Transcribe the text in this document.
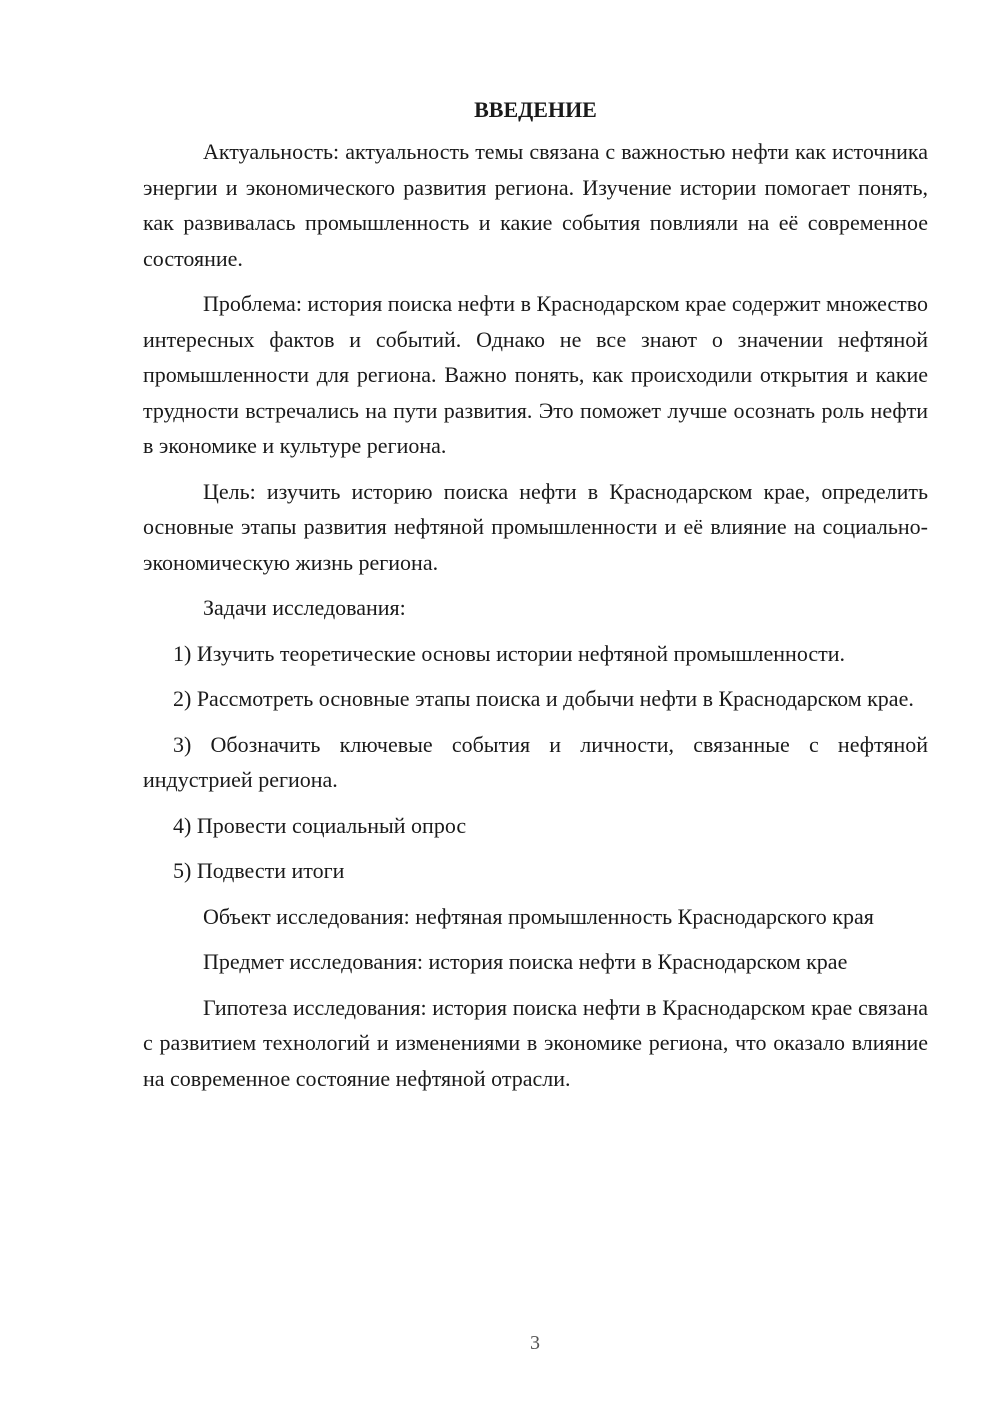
ВВЕДЕНИЕ

Актуальность: актуальность темы связана с важностью нефти как источника энергии и экономического развития региона. Изучение истории помогает понять, как развивалась промышленность и какие события повлияли на её современное состояние.

Проблема: история поиска нефти в Краснодарском крае содержит множество интересных фактов и событий. Однако не все знают о значении нефтяной промышленности для региона. Важно понять, как происходили открытия и какие трудности встречались на пути развития. Это поможет лучше осознать роль нефти в экономике и культуре региона.

Цель: изучить историю поиска нефти в Краснодарском крае, определить основные этапы развития нефтяной промышленности и её влияние на социально-экономическую жизнь региона.

Задачи исследования:

1) Изучить теоретические основы истории нефтяной промышленности.

2) Рассмотреть основные этапы поиска и добычи нефти в Краснодарском крае.

3) Обозначить ключевые события и личности, связанные с нефтяной индустрией региона.

4) Провести социальный опрос

5) Подвести итоги

Объект исследования: нефтяная промышленность Краснодарского края

Предмет исследования: история поиска нефти в Краснодарском крае

Гипотеза исследования: история поиска нефти в Краснодарском крае связана с развитием технологий и изменениями в экономике региона, что оказало влияние на современное состояние нефтяной отрасли.

3
